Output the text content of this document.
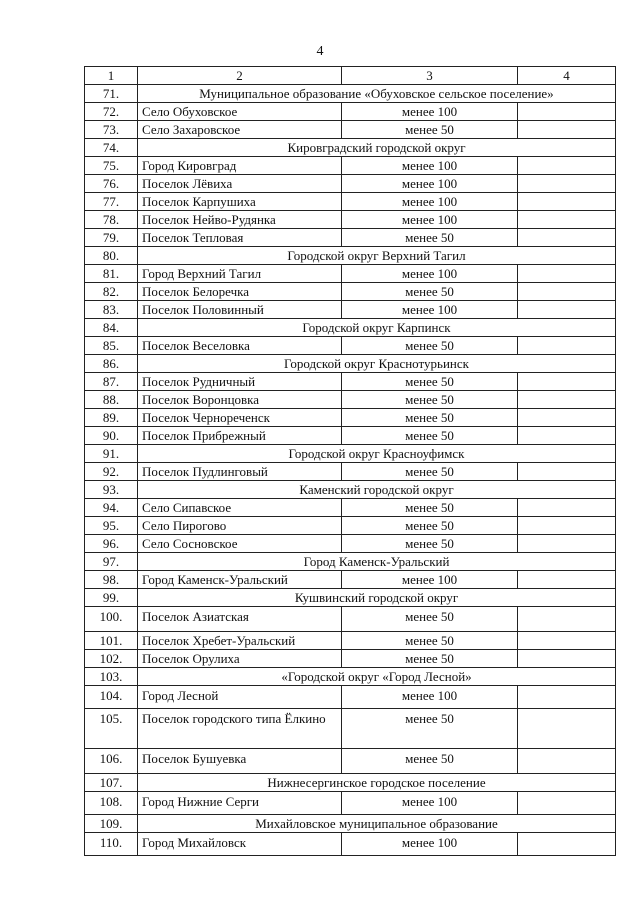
4
1	2	3	4
71.	Муниципальное образование «Обуховское сельское поселение»		
72.	Село Обуховское	менее 100	
73.	Село Захаровское	менее 50	
74.	Кировградский городской округ		
75.	Город Кировград	менее 100	
76.	Поселок Лёвиха	менее 100	
77.	Поселок Карпушиха	менее 100	
78.	Поселок Нейво-Рудянка	менее 100	
79.	Поселок Тепловая	менее 50	
80.	Городской округ Верхний Тагил		
81.	Город Верхний Тагил	менее 100	
82.	Поселок Белоречка	менее 50	
83.	Поселок Половинный	менее 100	
84.	Городской округ Карпинск		
85.	Поселок Веселовка	менее 50	
86.	Городской округ Краснотурьинск		
87.	Поселок Рудничный	менее 50	
88.	Поселок Воронцовка	менее 50	
89.	Поселок Чернореченск	менее 50	
90.	Поселок Прибрежный	менее 50	
91.	Городской округ Красноуфимск		
92.	Поселок Пудлинговый	менее 50	
93.	Каменский городской округ		
94.	Село Сипавское	менее 50	
95.	Село Пирогово	менее 50	
96.	Село Сосновское	менее 50	
97.	Город Каменск-Уральский		
98.	Город Каменск-Уральский	менее 100	
99.	Кушвинский городской округ		
100.	Поселок Азиатская	менее 50	
101.	Поселок Хребет-Уральский	менее 50	
102.	Поселок Орулиха	менее 50	
103.	«Городской округ «Город Лесной»		
104.	Город Лесной	менее 100	
105.	Поселок городского типа Ёлкино	менее 50	
106.	Поселок Бушуевка	менее 50	
107.	Нижнесергинское городское поселение		
108.	Город Нижние Серги	менее 100	
109.	Михайловское муниципальное образование		
110.	Город Михайловск	менее 100	
